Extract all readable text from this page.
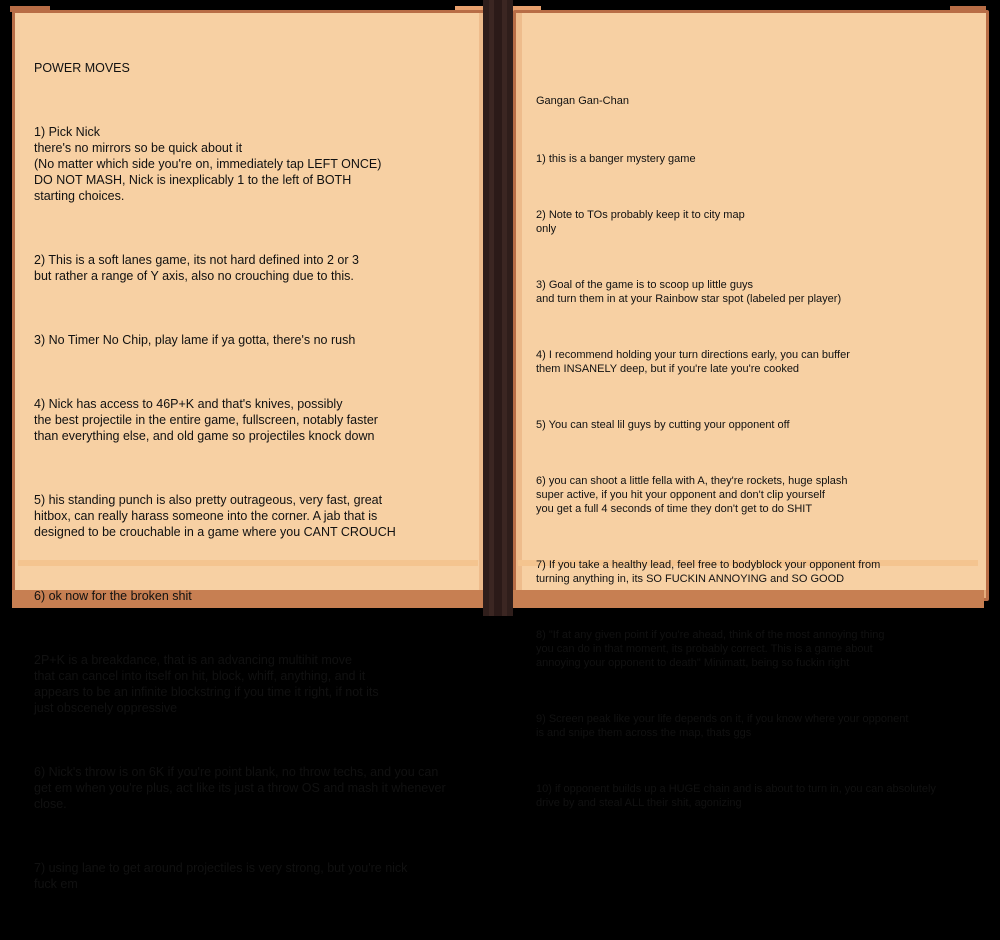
POWER MOVES

1) Pick Nick
there's no mirrors so be quick about it
(No matter which side you're on, immediately tap LEFT ONCE)
DO NOT MASH, Nick is inexplicably 1 to the left of BOTH
starting choices.

2) This is a soft lanes game, its not hard defined into 2 or 3
but rather a range of Y axis, also no crouching due to this.

3) No Timer No Chip, play lame if ya gotta, there's no rush

4) Nick has access to 46P+K and that's knives, possibly
the best projectile in the entire game, fullscreen, notably faster
than everything else, and old game so projectiles knock down

5) his standing punch is also pretty outrageous, very fast, great
hitbox, can really harass someone into the corner. A jab that is
designed to be crouchable in a game where you CANT CROUCH

6) ok now for the broken shit

2P+K is a breakdance, that is an advancing multihit move
that can cancel into itself on hit, block, whiff, anything, and it
appears to be an infinite blockstring if you time it right, if not its
just obscenely oppressive

6) Nick's throw is on 6K if you're point blank, no throw techs, and you can
get em when you're plus, act like its just a throw OS and mash it whenever
close.

7) using lane to get around projectiles is very strong, but you're nick
fuck em

Gangan Gan-Chan

1) this is a banger mystery game

2) Note to TOs probably keep it to city map
only

3) Goal of the game is to scoop up little guys
and turn them in at your Rainbow star spot (labeled per player)

4) I recommend holding your turn directions early, you can buffer
them INSANELY deep, but if you're late you're cooked

5) You can steal lil guys by cutting your opponent off

6) you can shoot a little fella with A, they're rockets, huge splash
super active, if you hit your opponent and don't clip yourself
you get a full 4 seconds of time they don't get to do SHIT

7) If you take a healthy lead, feel free to bodyblock your opponent from
turning anything in, its SO FUCKIN ANNOYING and SO GOOD

8) "If at any given point if you're ahead, think of the most annoying thing
you can do in that moment, its probably correct. This is a game about
annoying your opponent to death" Minimatt, being so fuckin right

9) Screen peak like your life depends on it, if you know where your opponent
is and snipe them across the map, thats ggs

10) if opponent builds up a HUGE chain and is about to turn in, you can absolutely
drive by and steal ALL their shit, agonizing
